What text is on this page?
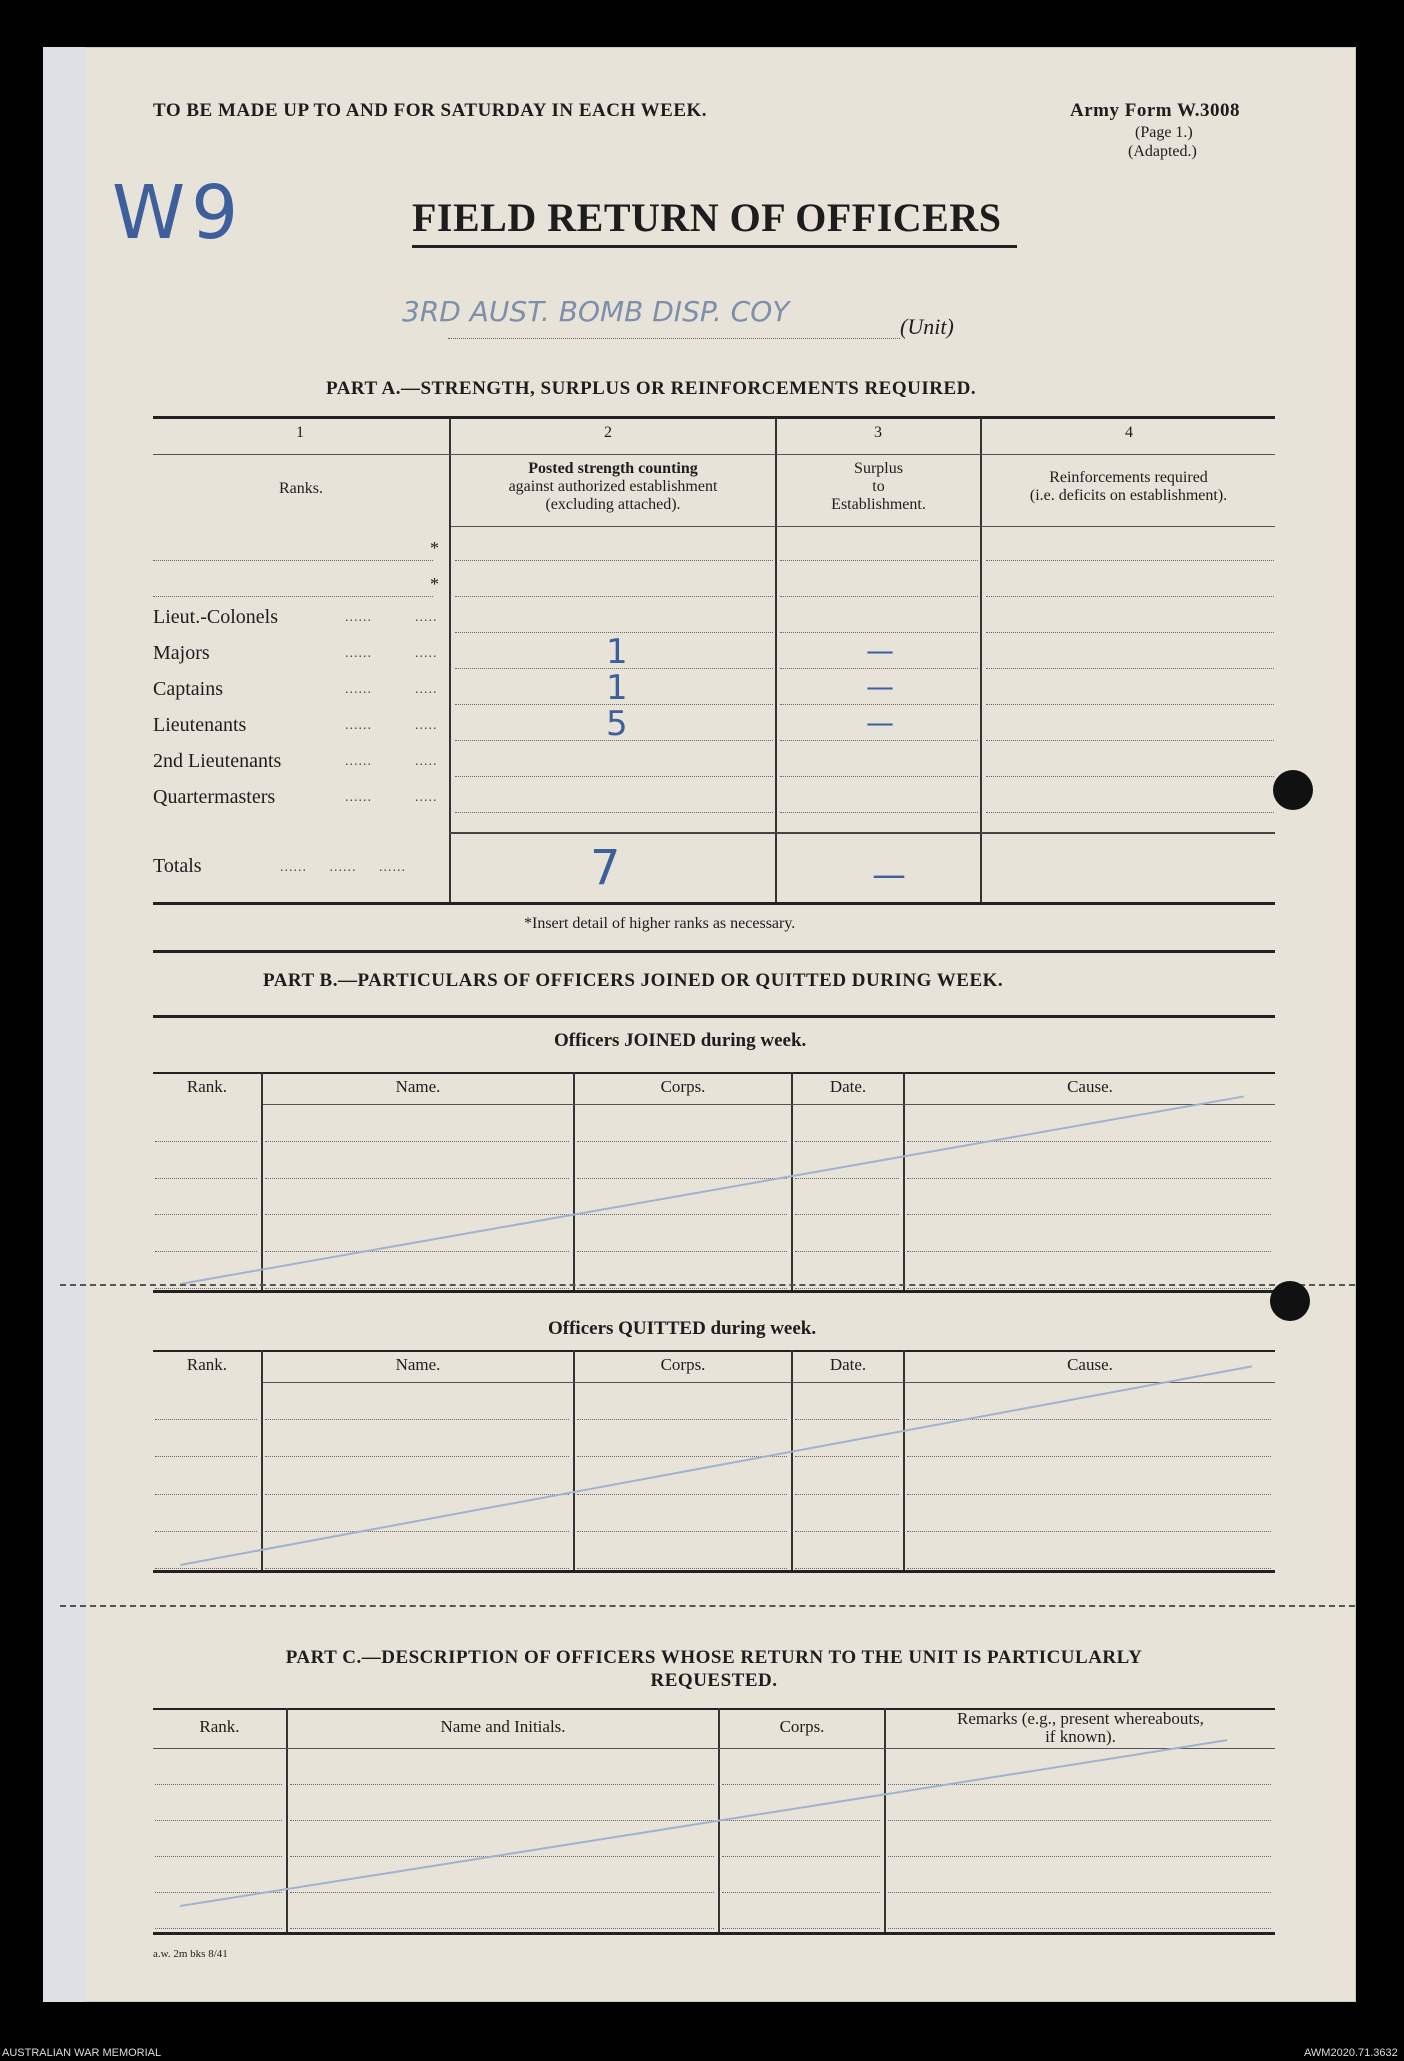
TO BE MADE UP TO AND FOR SATURDAY IN EACH WEEK.	Army Form W.3008
(Page 1.)
(Adapted.)
W9	FIELD RETURN OF OFFICERS
3RD AUST. BOMB DISP. COY	(Unit)
PART A.—STRENGTH, SURPLUS OR REINFORCEMENTS REQUIRED.
1	2	3	4
Ranks.
Posted strength counting
against authorized establishment
(excluding attached).
Surplus
to
Establishment.
Reinforcements required
(i.e. deficits on establishment).
*
*
Lieut.-Colonels	......	.....
Majors	......	.....	1	—
Captains	......	.....	1	—
Lieutenants	......	.....	5	—
2nd Lieutenants	......	.....
Quartermasters	......	.....
Totals	......     ......     ......	7	—
*Insert detail of higher ranks as necessary.
PART B.—PARTICULARS OF OFFICERS JOINED OR QUITTED DURING WEEK.
Officers JOINED during week.
Rank.	Name.	Corps.	Date.	Cause.
Officers QUITTED during week.
Rank.	Name.	Corps.	Date.	Cause.
PART C.—DESCRIPTION OF OFFICERS WHOSE RETURN TO THE UNIT IS PARTICULARLY
REQUESTED.
Rank.	Name and Initials.	Corps.	Remarks (e.g., present whereabouts,
if known).
a.w. 2m bks 8/41
AUSTRALIAN WAR MEMORIAL	AWM2020.71.3632
